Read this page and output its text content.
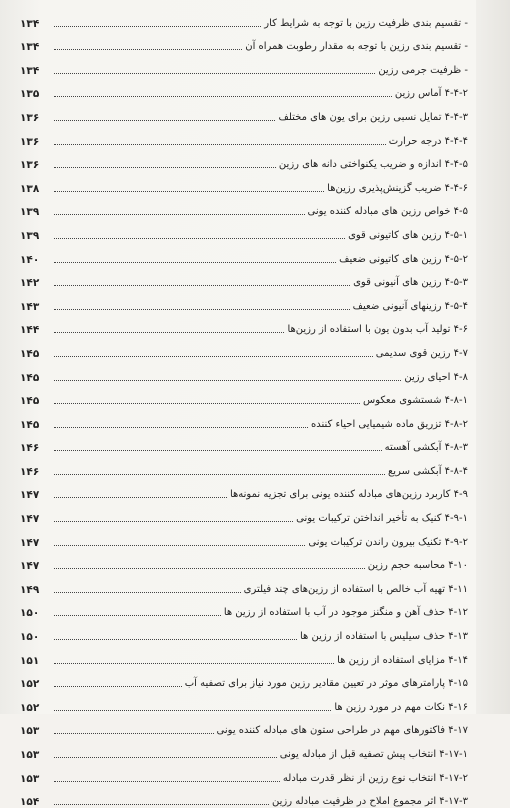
- تقسیم بندی ظرفیت رزین با توجه به شرایط کار
۱۳۴
- تقسیم بندی رزین با توجه به مقدار رطوبت همراه آن
۱۳۴
- ظرفیت جرمی رزین
۱۳۴
۴-۴-۲ آماس رزین
۱۳۵
۴-۴-۳ تمایل نسبی رزین برای یون های مختلف
۱۳۶
۴-۴-۴ درجه حرارت
۱۳۶
۴-۴-۵ اندازه و ضریب یکنواختی دانه های رزین
۱۳۶
۴-۴-۶ ضریب گزینش‌پذیری رزین‌ها
۱۳۸
۴-۵ خواص رزین های مبادله کننده یونی
۱۳۹
۴-۵-۱ رزین های کاتیونی قوی
۱۳۹
۴-۵-۲ رزین های کاتیونی ضعیف
۱۴۰
۴-۵-۳ رزین های آنیونی قوی
۱۴۲
۴-۵-۴ رزینهای آنیونی ضعیف
۱۴۳
۴-۶ تولید آب بدون یون با استفاده از رزین‌ها
۱۴۴
۴-۷ رزین قوی سدیمی
۱۴۵
۴-۸ احیای رزین
۱۴۵
۴-۸-۱ شستشوی معکوس
۱۴۵
۴-۸-۲ تزریق ماده شیمیایی احیاء کننده
۱۴۵
۴-۸-۳ آبکشی آهسته
۱۴۶
۴-۸-۴ آبکشی سریع
۱۴۶
۴-۹ کاربرد رزین‌های مبادله کننده یونی برای تجزیه نمونه‌ها
۱۴۷
۴-۹-۱ کنیک به تأخیر انداختن ترکیبات یونی
۱۴۷
۴-۹-۲ تکنیک بیرون راندن ترکیبات یونی
۱۴۷
۴-۱۰ محاسبه حجم رزین
۱۴۷
۴-۱۱ تهیه آب خالص با استفاده از رزین‌های چند فیلتری
۱۴۹
۴-۱۲ حذف آهن و منگنز موجود در آب با استفاده از رزین ها
۱۵۰
۴-۱۳ حذف سیلیس با استفاده از رزین ها
۱۵۰
۴-۱۴ مزایای استفاده از رزین ها
۱۵۱
۴-۱۵ پارامترهای موثر در تعیین مقادیر رزین مورد نیاز برای تصفیه آب
۱۵۲
۴-۱۶ نکات مهم در مورد رزین ها
۱۵۲
۴-۱۷ فاکتورهای مهم در طراحی ستون های مبادله کننده یونی
۱۵۳
۴-۱۷-۱ انتخاب پیش تصفیه قبل از مبادله یونی
۱۵۳
۴-۱۷-۲ انتخاب نوع رزین از نظر قدرت مبادله
۱۵۳
۴-۱۷-۳ اثر مجموع املاح در ظرفیت مبادله رزین
۱۵۴
